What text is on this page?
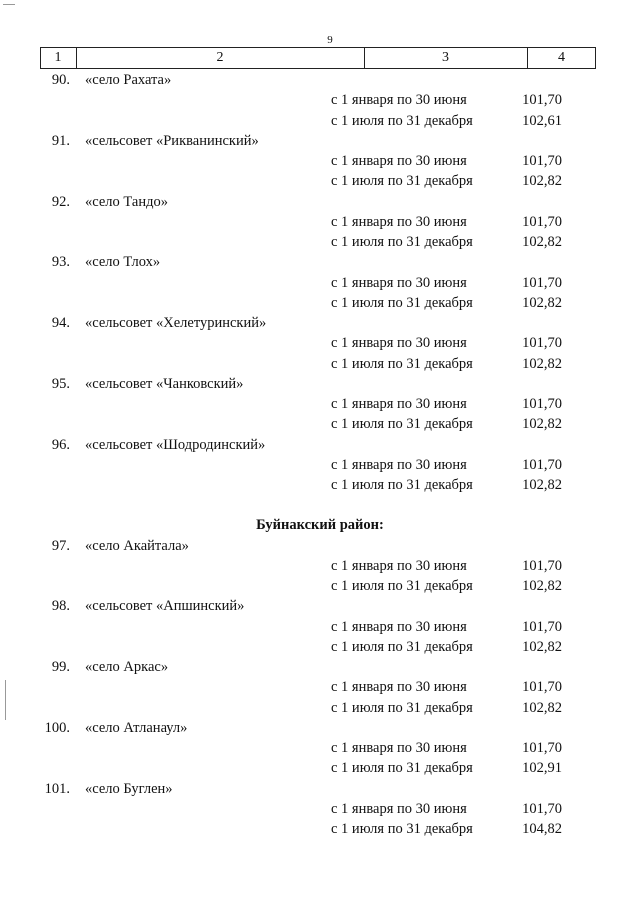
9
1	2	3	4
90. «село Рахата»
с 1 января по 30 июня	101,70
с 1 июля по 31 декабря	102,61
91. «сельсовет «Рикванинский»
с 1 января по 30 июня	101,70
с 1 июля по 31 декабря	102,82
92. «село Тандо»
с 1 января по 30 июня	101,70
с 1 июля по 31 декабря	102,82
93. «село Тлох»
с 1 января по 30 июня	101,70
с 1 июля по 31 декабря	102,82
94. «сельсовет «Хелетуринский»
с 1 января по 30 июня	101,70
с 1 июля по 31 декабря	102,82
95. «сельсовет «Чанковский»
с 1 января по 30 июня	101,70
с 1 июля по 31 декабря	102,82
96. «сельсовет «Шодродинский»
с 1 января по 30 июня	101,70
с 1 июля по 31 декабря	102,82
Буйнакский район:
97. «село Акайтала»
с 1 января по 30 июня	101,70
с 1 июля по 31 декабря	102,82
98. «сельсовет «Апшинский»
с 1 января по 30 июня	101,70
с 1 июля по 31 декабря	102,82
99. «село Аркас»
с 1 января по 30 июня	101,70
с 1 июля по 31 декабря	102,82
100. «село Атланаул»
с 1 января по 30 июня	101,70
с 1 июля по 31 декабря	102,91
101. «село Буглен»
с 1 января по 30 июня	101,70
с 1 июля по 31 декабря	104,82
